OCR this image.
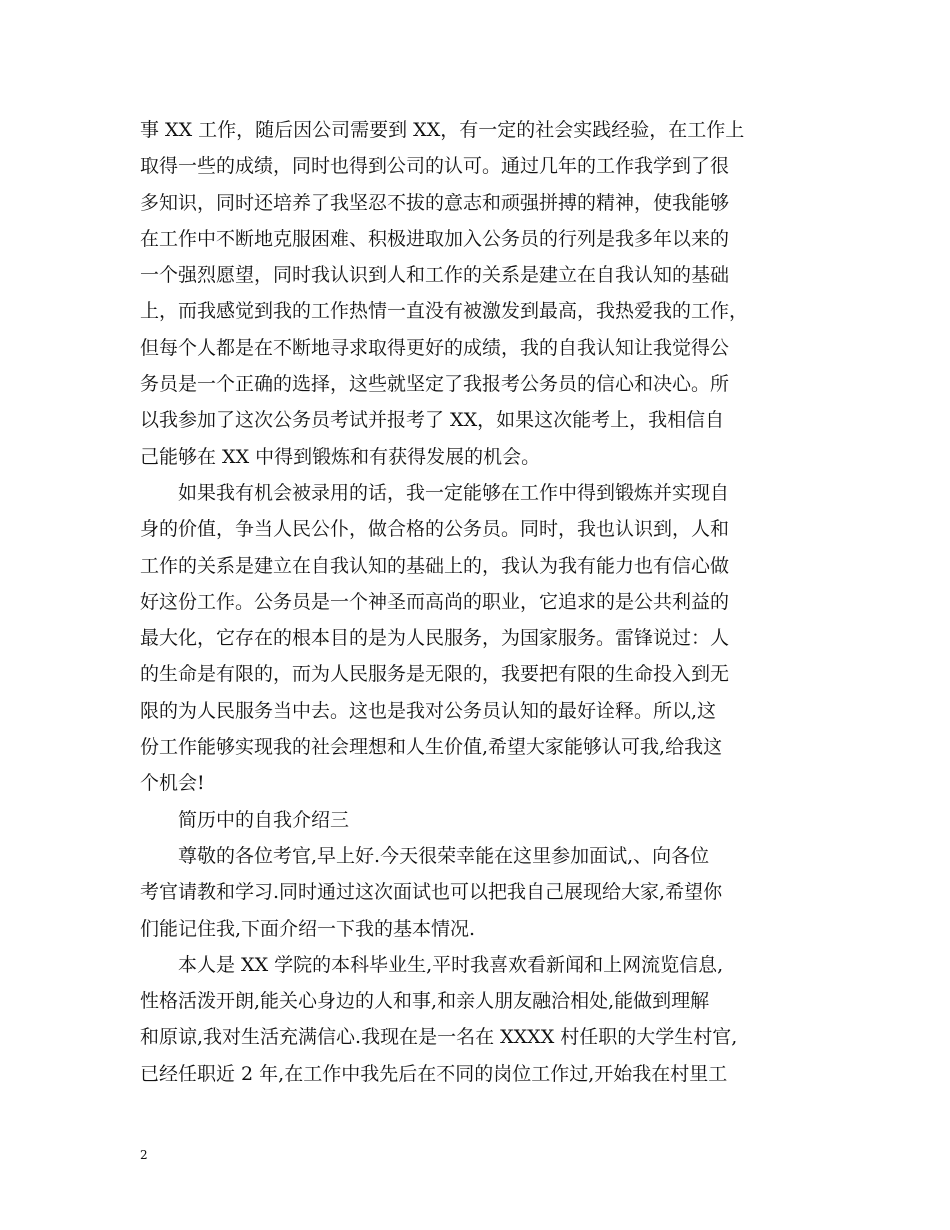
事 XX 工作，随后因公司需要到 XX，有一定的社会实践经验，在工作上
取得一些的成绩，同时也得到公司的认可。通过几年的工作我学到了很
多知识，同时还培养了我坚忍不拔的意志和顽强拼搏的精神，使我能够
在工作中不断地克服困难、积极进取加入公务员的行列是我多年以来的
一个强烈愿望，同时我认识到人和工作的关系是建立在自我认知的基础
上，而我感觉到我的工作热情一直没有被激发到最高，我热爱我的工作，
但每个人都是在不断地寻求取得更好的成绩，我的自我认知让我觉得公
务员是一个正确的选择，这些就坚定了我报考公务员的信心和决心。所
以我参加了这次公务员考试并报考了 XX，如果这次能考上，我相信自
己能够在 XX 中得到锻炼和有获得发展的机会。
如果我有机会被录用的话，我一定能够在工作中得到锻炼并实现自
身的价值，争当人民公仆，做合格的公务员。同时，我也认识到，人和
工作的关系是建立在自我认知的基础上的，我认为我有能力也有信心做
好这份工作。公务员是一个神圣而高尚的职业，它追求的是公共利益的
最大化，它存在的根本目的是为人民服务，为国家服务。雷锋说过：人
的生命是有限的，而为人民服务是无限的，我要把有限的生命投入到无
限的为人民服务当中去。这也是我对公务员认知的最好诠释。所以,这
份工作能够实现我的社会理想和人生价值,希望大家能够认可我,给我这
个机会!
简历中的自我介绍三
尊敬的各位考官,早上好.今天很荣幸能在这里参加面试,、向各位
考官请教和学习.同时通过这次面试也可以把我自己展现给大家,希望你
们能记住我,下面介绍一下我的基本情况.
本人是 XX 学院的本科毕业生,平时我喜欢看新闻和上网流览信息,
性格活泼开朗,能关心身边的人和事,和亲人朋友融洽相处,能做到理解
和原谅,我对生活充满信心.我现在是一名在 XXXX 村任职的大学生村官,
已经任职近 2 年,在工作中我先后在不同的岗位工作过,开始我在村里工
2
